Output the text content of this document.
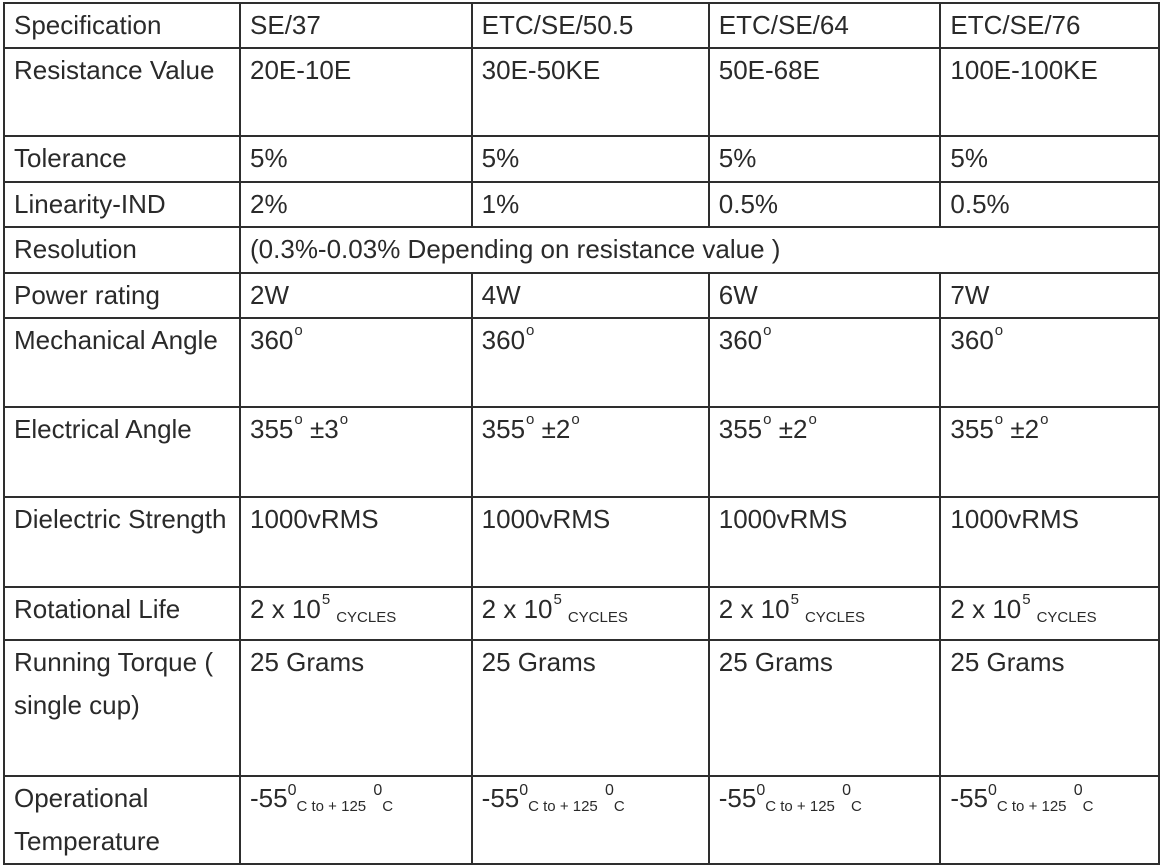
Specification	SE/37	ETC/SE/50.5	ETC/SE/64	ETC/SE/76
Resistance Value	20E-10E	30E-50KE	50E-68E	100E-100KE
Tolerance	5%	5%	5%	5%
Linearity-IND	2%	1%	0.5%	0.5%
Resolution	(0.3%-0.03% Depending on resistance value )			
Power rating	2W	4W	6W	7W
Mechanical Angle	360$^o$	360$^o$	360$^o$	360$^o$
Electrical Angle	$355^o \pm 3^o$	$355^o \pm 2^o$	$355^o \pm 2^o$	$355^o \pm 2^o$
Dielectric Strength	1000vRMS	1000vRMS	1000vRMS	1000vRMS
Rotational Life	2 x $10^5CYCLES$	2 x $10^5CYCLES$	2 x $10^5CYCLES$	2 x $10^5CYCLES$
Running Torque ( single cup)	25 Grams	25 Grams	25 Grams	25 Grams
Operational Temperature	$-55^0C$ to + 125 $^0$C	$-55^0C$ to + 125 $^0$C	$-55^0C$ to + 125 $^0$C	$-55^0C$ to + 125 $^0$C
